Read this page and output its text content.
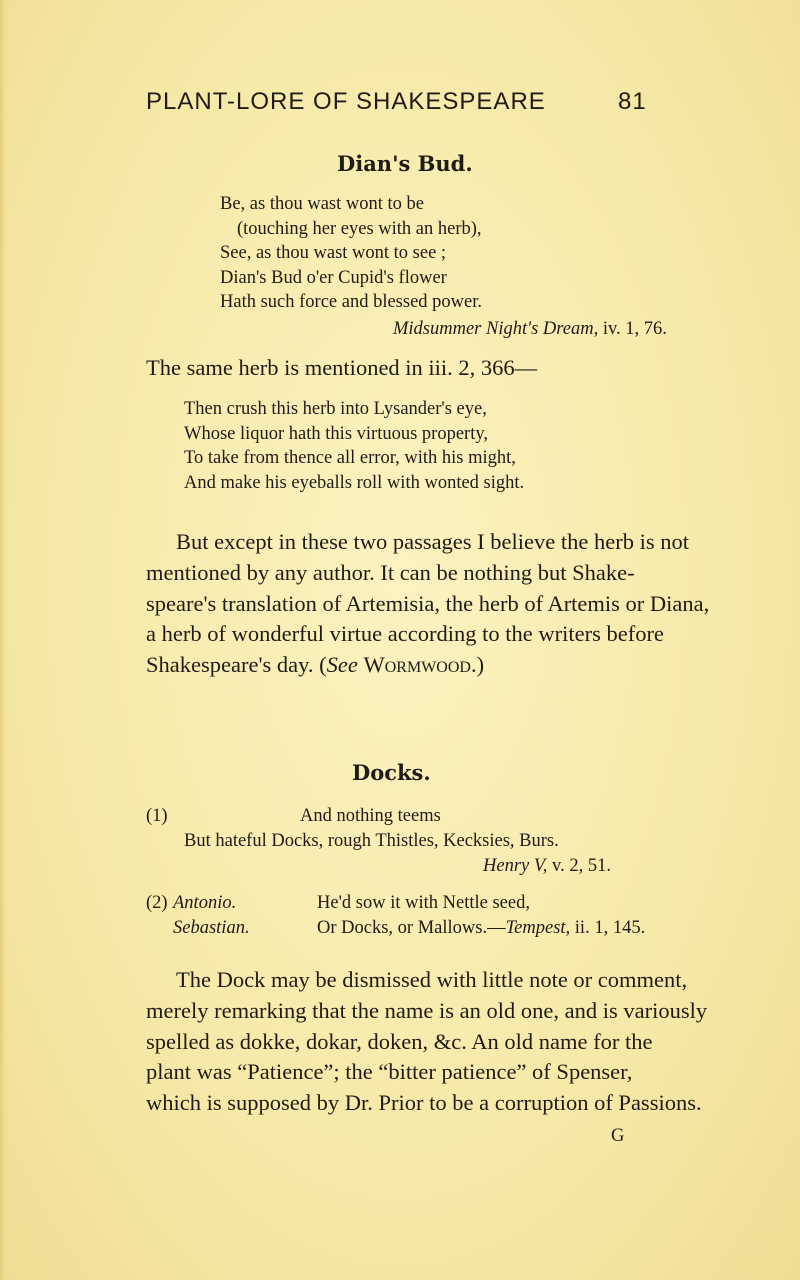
PLANT-LORE OF SHAKESPEARE	81
Dian's Bud.
Be, as thou wast wont to be
(touching her eyes with an herb),
See, as thou wast wont to see ;
Dian's Bud o'er Cupid's flower
Hath such force and blessed power.
Midsummer Night's Dream, iv. 1, 76.
The same herb is mentioned in iii. 2, 366—
Then crush this herb into Lysander's eye,
Whose liquor hath this virtuous property,
To take from thence all error, with his might,
And make his eyeballs roll with wonted sight.
But except in these two passages I believe the herb is not
mentioned by any author. It can be nothing but Shake-
speare's translation of Artemisia, the herb of Artemis or Diana,
a herb of wonderful virtue according to the writers before
Shakespeare's day. (See Wormwood.)
Docks.
(1)	And nothing teems
But hateful Docks, rough Thistles, Kecksies, Burs.
Henry V, v. 2, 51.
(2) Antonio.	He'd sow it with Nettle seed,
Sebastian.	Or Docks, or Mallows.—Tempest, ii. 1, 145.
The Dock may be dismissed with little note or comment,
merely remarking that the name is an old one, and is variously
spelled as dokke, dokar, doken, &c. An old name for the
plant was “Patience”; the “bitter patience” of Spenser,
which is supposed by Dr. Prior to be a corruption of Passions.
G
